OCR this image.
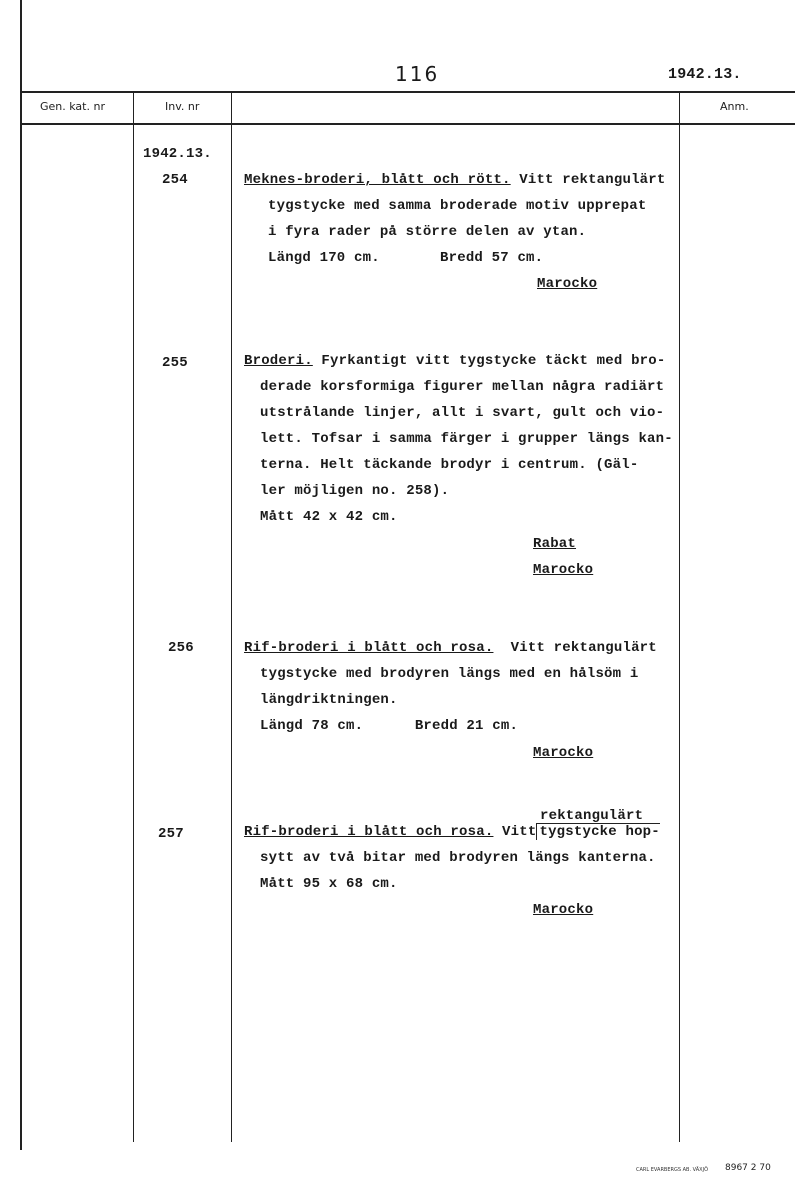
116	1942.13.
Gen. kat. nr	Inv. nr	Anm.
1942.13.
254	Meknes-broderi, blått och rött. Vitt rektangulärt
tygstycke med samma broderade motiv upprepat
i fyra rader på större delen av ytan.
Längd 170 cm.       Bredd 57 cm.
Marocko
255	Broderi. Fyrkantigt vitt tygstycke täckt med bro-
derade korsformiga figurer mellan några radiärt
utstrålande linjer, allt i svart, gult och vio-
lett. Tofsar i samma färger i grupper längs kan-
terna. Helt täckande brodyr i centrum. (Gäl-
ler möjligen no. 258).
Mått 42 x 42 cm.
Rabat
Marocko
256	Rif-broderi i blått och rosa.  Vitt rektangulärt
tygstycke med brodyren längs med en hålsöm i
längdriktningen.
Längd 78 cm.      Bredd 21 cm.
Marocko
rektangulärt
257	Rif-broderi i blått och rosa. Vitt tygstycke hop-
sytt av två bitar med brodyren längs kanterna.
Mått 95 x 68 cm.
Marocko
CARL EVARBERGS AB. VÄXJÖ 8967 2 70
